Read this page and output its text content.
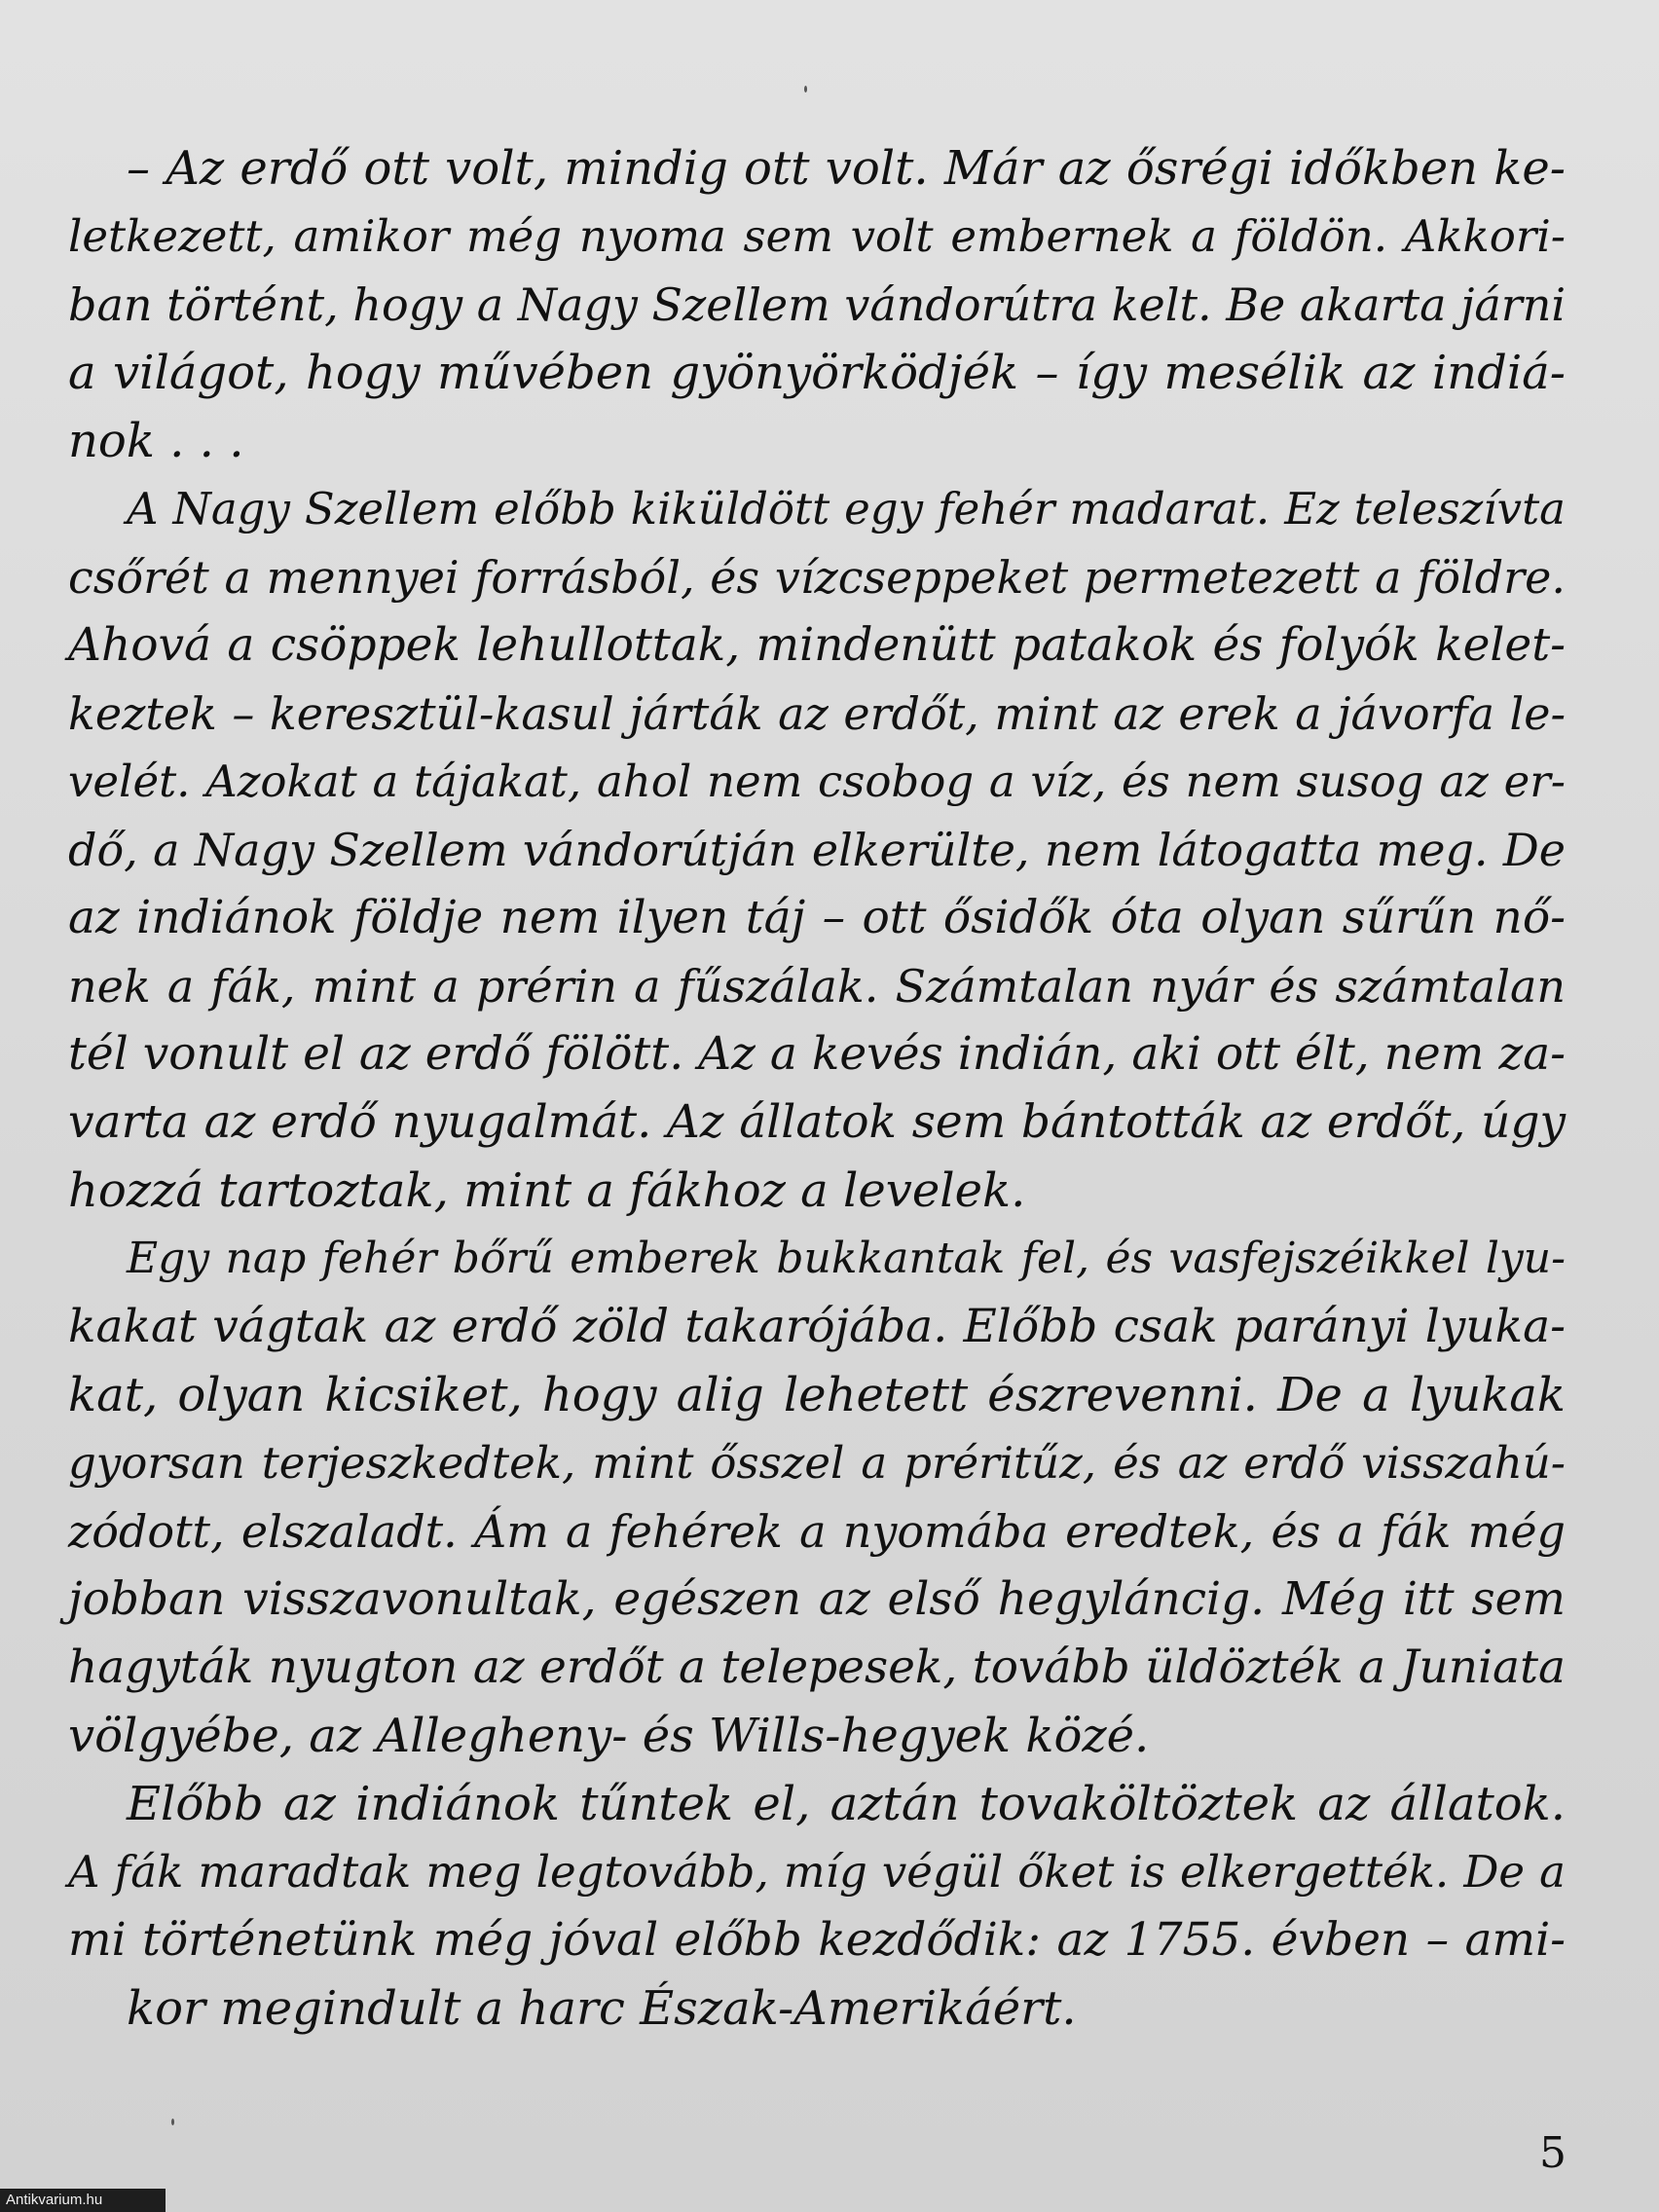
– Az erdő ott volt, mindig ott volt. Már az ősrégi időkben ke-
letkezett, amikor még nyoma sem volt embernek a földön. Akkori-
ban történt, hogy a Nagy Szellem vándorútra kelt. Be akarta járni
a világot, hogy művében gyönyörködjék – így mesélik az indiá-
nok . . .
A Nagy Szellem előbb kiküldött egy fehér madarat. Ez teleszívta
csőrét a mennyei forrásból, és vízcseppeket permetezett a földre.
Ahová a csöppek lehullottak, mindenütt patakok és folyók kelet-
keztek – keresztül-kasul járták az erdőt, mint az erek a jávorfa le-
velét. Azokat a tájakat, ahol nem csobog a víz, és nem susog az er-
dő, a Nagy Szellem vándorútján elkerülte, nem látogatta meg. De
az indiánok földje nem ilyen táj – ott ősidők óta olyan sűrűn nő-
nek a fák, mint a prérin a fűszálak. Számtalan nyár és számtalan
tél vonult el az erdő fölött. Az a kevés indián, aki ott élt, nem za-
varta az erdő nyugalmát. Az állatok sem bántották az erdőt, úgy
hozzá tartoztak, mint a fákhoz a levelek.
Egy nap fehér bőrű emberek bukkantak fel, és vasfejszéikkel lyu-
kakat vágtak az erdő zöld takarójába. Előbb csak parányi lyuka-
kat, olyan kicsiket, hogy alig lehetett észrevenni. De a lyukak
gyorsan terjeszkedtek, mint ősszel a préritűz, és az erdő visszahú-
zódott, elszaladt. Ám a fehérek a nyomába eredtek, és a fák még
jobban visszavonultak, egészen az első hegyláncig. Még itt sem
hagyták nyugton az erdőt a telepesek, tovább üldözték a Juniata
völgyébe, az Allegheny- és Wills-hegyek közé.
Előbb az indiánok tűntek el, aztán tovaköltöztek az állatok.
A fák maradtak meg legtovább, míg végül őket is elkergették. De a
mi történetünk még jóval előbb kezdődik: az 1755. évben – ami-
kor megindult a harc Észak-Amerikáért.
5
Antikvarium.hu
